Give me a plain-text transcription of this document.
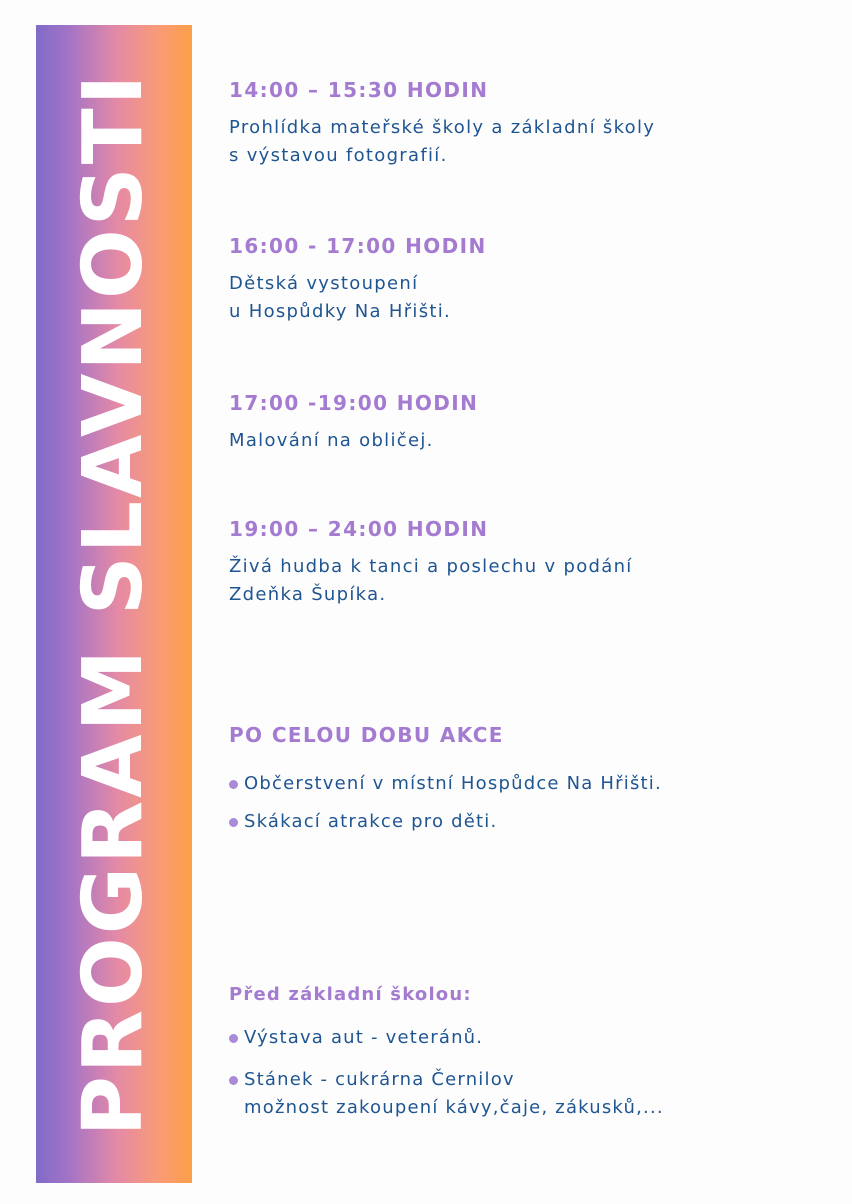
PROGRAM SLAVNOSTI	14:00 – 15:30 HODIN

Prohlídka mateřské školy a základní školy
s výstavou fotografií.

16:00 - 17:00 HODIN

Dětská vystoupení
u Hospůdky Na Hřišti.

17:00 -19:00 HODIN

Malování na obličej.

19:00 – 24:00 HODIN

Živá hudba k tanci a poslechu v podání
Zdeňka Šupíka.

PO CELOU DOBU AKCE
Občerstvení v místní Hospůdce Na Hřišti.
Skákací atrakce pro děti.
Před základní školou:
Výstava aut - veteránů.
Stánek - cukrárna Černilov
možnost zakoupení kávy,čaje, zákusků,...
